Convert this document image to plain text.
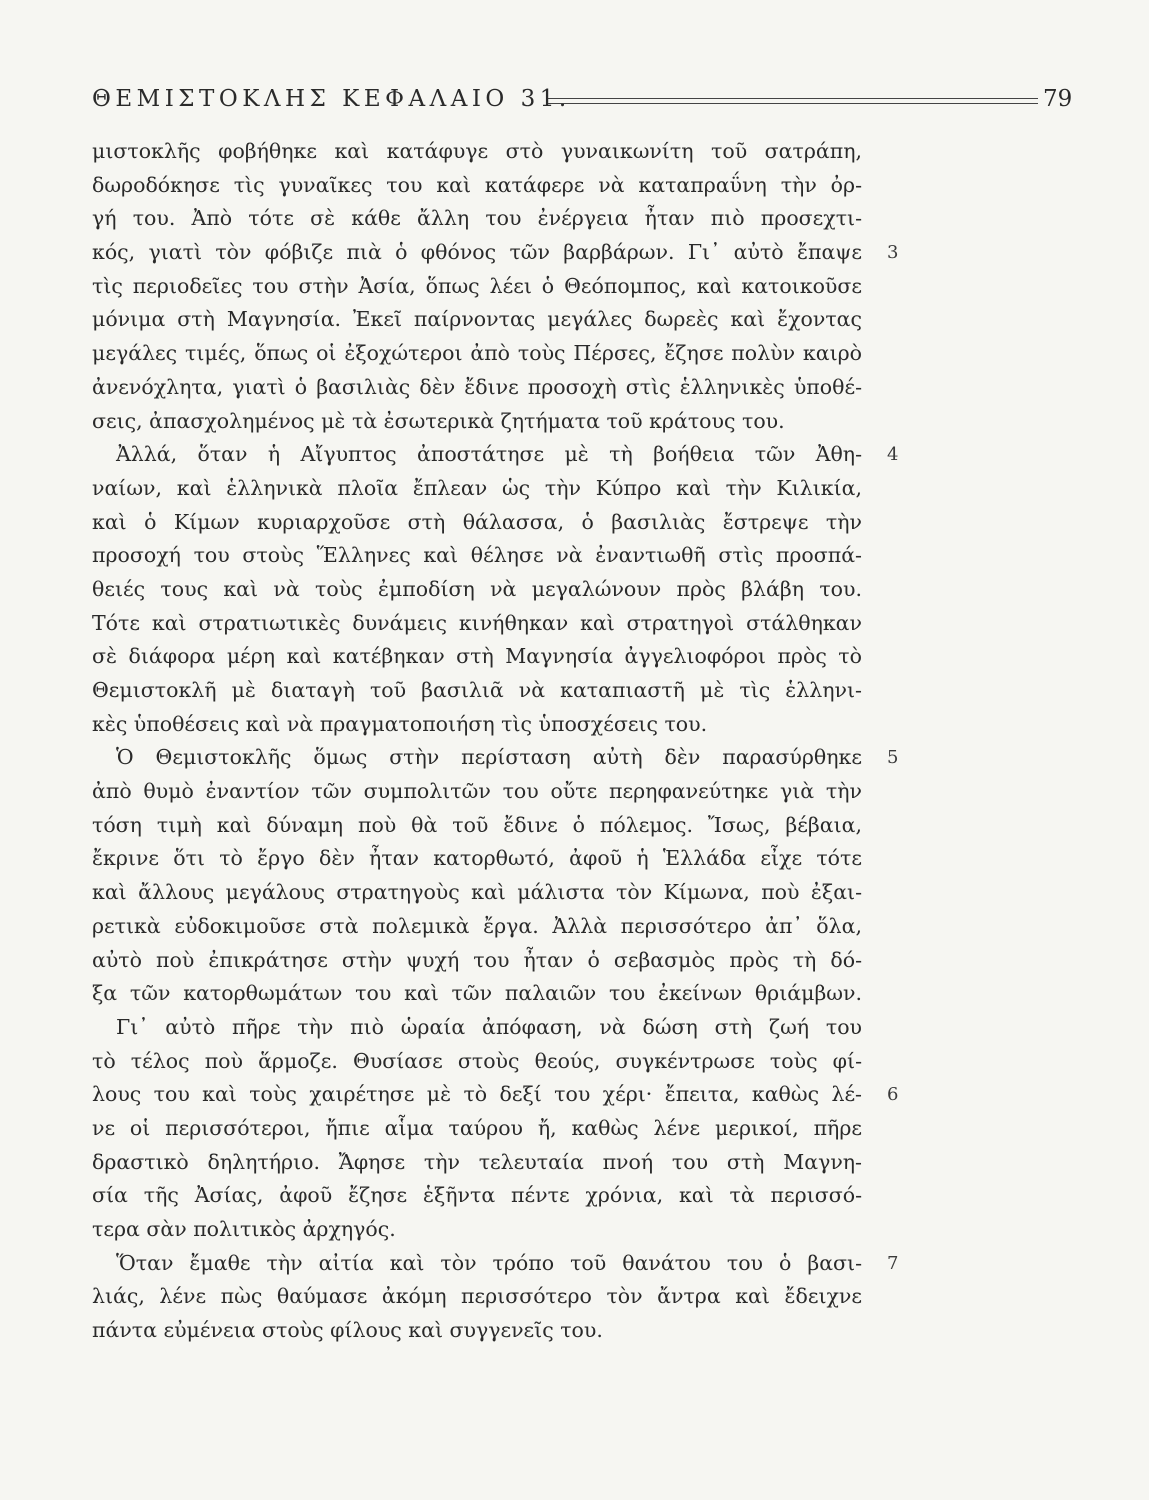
ΘΕΜΙΣΤΟΚΛΗΣ ΚΕΦΑΛΑΙΟ 31.	79
μιστοκλῆς φοβήθηκε καὶ κατάφυγε στὸ γυναικωνίτη τοῦ σατράπη,
δωροδόκησε τὶς γυναῖκες του καὶ κατάφερε νὰ καταπραΰνη τὴν ὀρ-
γή του. Ἀπὸ τότε σὲ κάθε ἄλλη του ἐνέργεια ἦταν πιὸ προσεχτι-
κός, γιατὶ τὸν φόβιζε πιὰ ὁ φθόνος τῶν βαρβάρων. Γι᾽ αὐτὸ ἔπαψε 3
τὶς περιοδεῖες του στὴν Ἀσία, ὅπως λέει ὁ Θεόπομπος, καὶ κατοικοῦσε
μόνιμα στὴ Μαγνησία. Ἐκεῖ παίρνοντας μεγάλες δωρεὲς καὶ ἔχοντας
μεγάλες τιμές, ὅπως οἱ ἐξοχώτεροι ἀπὸ τοὺς Πέρσες, ἔζησε πολὺν καιρὸ
ἀνενόχλητα, γιατὶ ὁ βασιλιὰς δὲν ἔδινε προσοχὴ στὶς ἑλληνικὲς ὑποθέ-
σεις, ἀπασχολημένος μὲ τὰ ἐσωτερικὰ ζητήματα τοῦ κράτους του.
Ἀλλά, ὅταν ἡ Αἴγυπτος ἀποστάτησε μὲ τὴ βοήθεια τῶν Ἀθη- 4
ναίων, καὶ ἑλληνικὰ πλοῖα ἔπλεαν ὡς τὴν Κύπρο καὶ τὴν Κιλικία,
καὶ ὁ Κίμων κυριαρχοῦσε στὴ θάλασσα, ὁ βασιλιὰς ἔστρεψε τὴν
προσοχή του στοὺς Ἕλληνες καὶ θέλησε νὰ ἐναντιωθῆ στὶς προσπά-
θειές τους καὶ νὰ τοὺς ἐμποδίση νὰ μεγαλώνουν πρὸς βλάβη του.
Τότε καὶ στρατιωτικὲς δυνάμεις κινήθηκαν καὶ στρατηγοὶ στάλθηκαν
σὲ διάφορα μέρη καὶ κατέβηκαν στὴ Μαγνησία ἀγγελιοφόροι πρὸς τὸ
Θεμιστοκλῆ μὲ διαταγὴ τοῦ βασιλιᾶ νὰ καταπιαστῆ μὲ τὶς ἑλληνι-
κὲς ὑποθέσεις καὶ νὰ πραγματοποιήση τὶς ὑποσχέσεις του.
Ὁ Θεμιστοκλῆς ὅμως στὴν περίσταση αὐτὴ δὲν παρασύρθηκε 5
ἀπὸ θυμὸ ἐναντίον τῶν συμπολιτῶν του οὔτε περηφανεύτηκε γιὰ τὴν
τόση τιμὴ καὶ δύναμη ποὺ θὰ τοῦ ἔδινε ὁ πόλεμος. Ἴσως, βέβαια,
ἔκρινε ὅτι τὸ ἔργο δὲν ἦταν κατορθωτό, ἀφοῦ ἡ Ἑλλάδα εἶχε τότε
καὶ ἄλλους μεγάλους στρατηγοὺς καὶ μάλιστα τὸν Κίμωνα, ποὺ ἐξαι-
ρετικὰ εὐδοκιμοῦσε στὰ πολεμικὰ ἔργα. Ἀλλὰ περισσότερο ἀπ᾽ ὅλα,
αὐτὸ ποὺ ἐπικράτησε στὴν ψυχή του ἦταν ὁ σεβασμὸς πρὸς τὴ δό-
ξα τῶν κατορθωμάτων του καὶ τῶν παλαιῶν του ἐκείνων θριάμβων.
Γι᾽ αὐτὸ πῆρε τὴν πιὸ ὡραία ἀπόφαση, νὰ δώση στὴ ζωή του
τὸ τέλος ποὺ ἅρμοζε. Θυσίασε στοὺς θεούς, συγκέντρωσε τοὺς φί-
λους του καὶ τοὺς χαιρέτησε μὲ τὸ δεξί του χέρι· ἔπειτα, καθὼς λέ- 6
νε οἱ περισσότεροι, ἤπιε αἷμα ταύρου ἤ, καθὼς λένε μερικοί, πῆρε
δραστικὸ δηλητήριο. Ἄφησε τὴν τελευταία πνοή του στὴ Μαγνη-
σία τῆς Ἀσίας, ἀφοῦ ἔζησε ἑξῆντα πέντε χρόνια, καὶ τὰ περισσό-
τερα σὰν πολιτικὸς ἀρχηγός.
Ὅταν ἔμαθε τὴν αἰτία καὶ τὸν τρόπο τοῦ θανάτου του ὁ βασι- 7
λιάς, λένε πὼς θαύμασε ἀκόμη περισσότερο τὸν ἄντρα καὶ ἔδειχνε
πάντα εὐμένεια στοὺς φίλους καὶ συγγενεῖς του.
